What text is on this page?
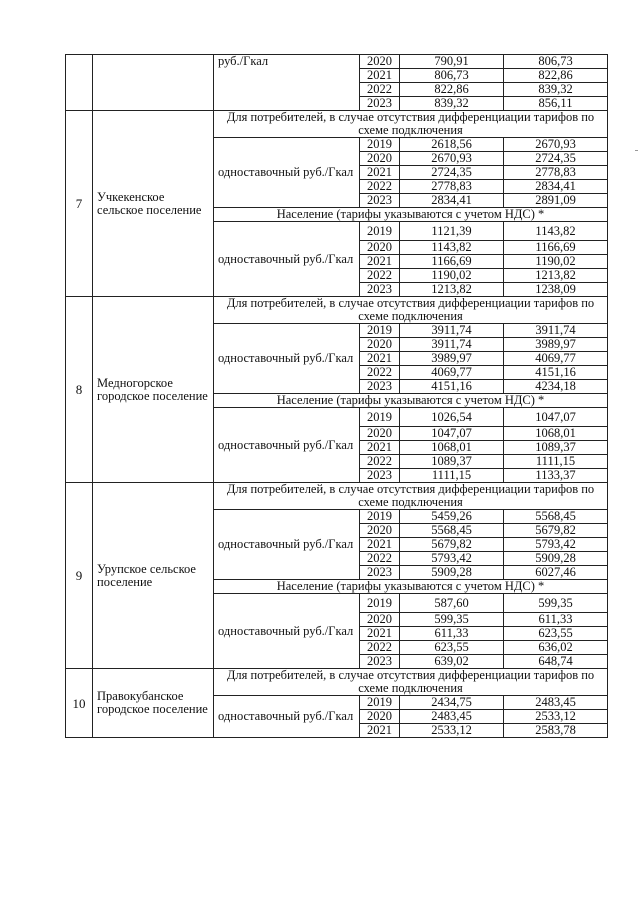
		руб./Гкал	2020	790,91	806,73
			2021	806,73	822,86
			2022	822,86	839,32
			2023	839,32	856,11
7	Учкекенское сельское поселение	Для потребителей, в случае отсутствия дифференциации тарифов по схеме подключения			
		одноставочный руб./Гкал	2019	2618,56	2670,93
			2020	2670,93	2724,35
			2021	2724,35	2778,83
			2022	2778,83	2834,41
			2023	2834,41	2891,09
		Население (тарифы указываются с учетом НДС) *			
		одноставочный руб./Гкал	2019	1121,39	1143,82
			2020	1143,82	1166,69
			2021	1166,69	1190,02
			2022	1190,02	1213,82
			2023	1213,82	1238,09
8	Медногорское городское поселение	Для потребителей, в случае отсутствия дифференциации тарифов по схеме подключения			
		одноставочный руб./Гкал	2019	3911,74	3911,74
			2020	3911,74	3989,97
			2021	3989,97	4069,77
			2022	4069,77	4151,16
			2023	4151,16	4234,18
		Население (тарифы указываются с учетом НДС) *			
		одноставочный руб./Гкал	2019	1026,54	1047,07
			2020	1047,07	1068,01
			2021	1068,01	1089,37
			2022	1089,37	1111,15
			2023	1111,15	1133,37
9	Урупское сельское поселение	Для потребителей, в случае отсутствия дифференциации тарифов по схеме подключения			
		одноставочный руб./Гкал	2019	5459,26	5568,45
			2020	5568,45	5679,82
			2021	5679,82	5793,42
			2022	5793,42	5909,28
			2023	5909,28	6027,46
		Население (тарифы указываются с учетом НДС) *			
		одноставочный руб./Гкал	2019	587,60	599,35
			2020	599,35	611,33
			2021	611,33	623,55
			2022	623,55	636,02
			2023	639,02	648,74
10	Правокубанское городское поселение	Для потребителей, в случае отсутствия дифференциации тарифов по схеме подключения			
		одноставочный руб./Гкал	2019	2434,75	2483,45
			2020	2483,45	2533,12
			2021	2533,12	2583,78
